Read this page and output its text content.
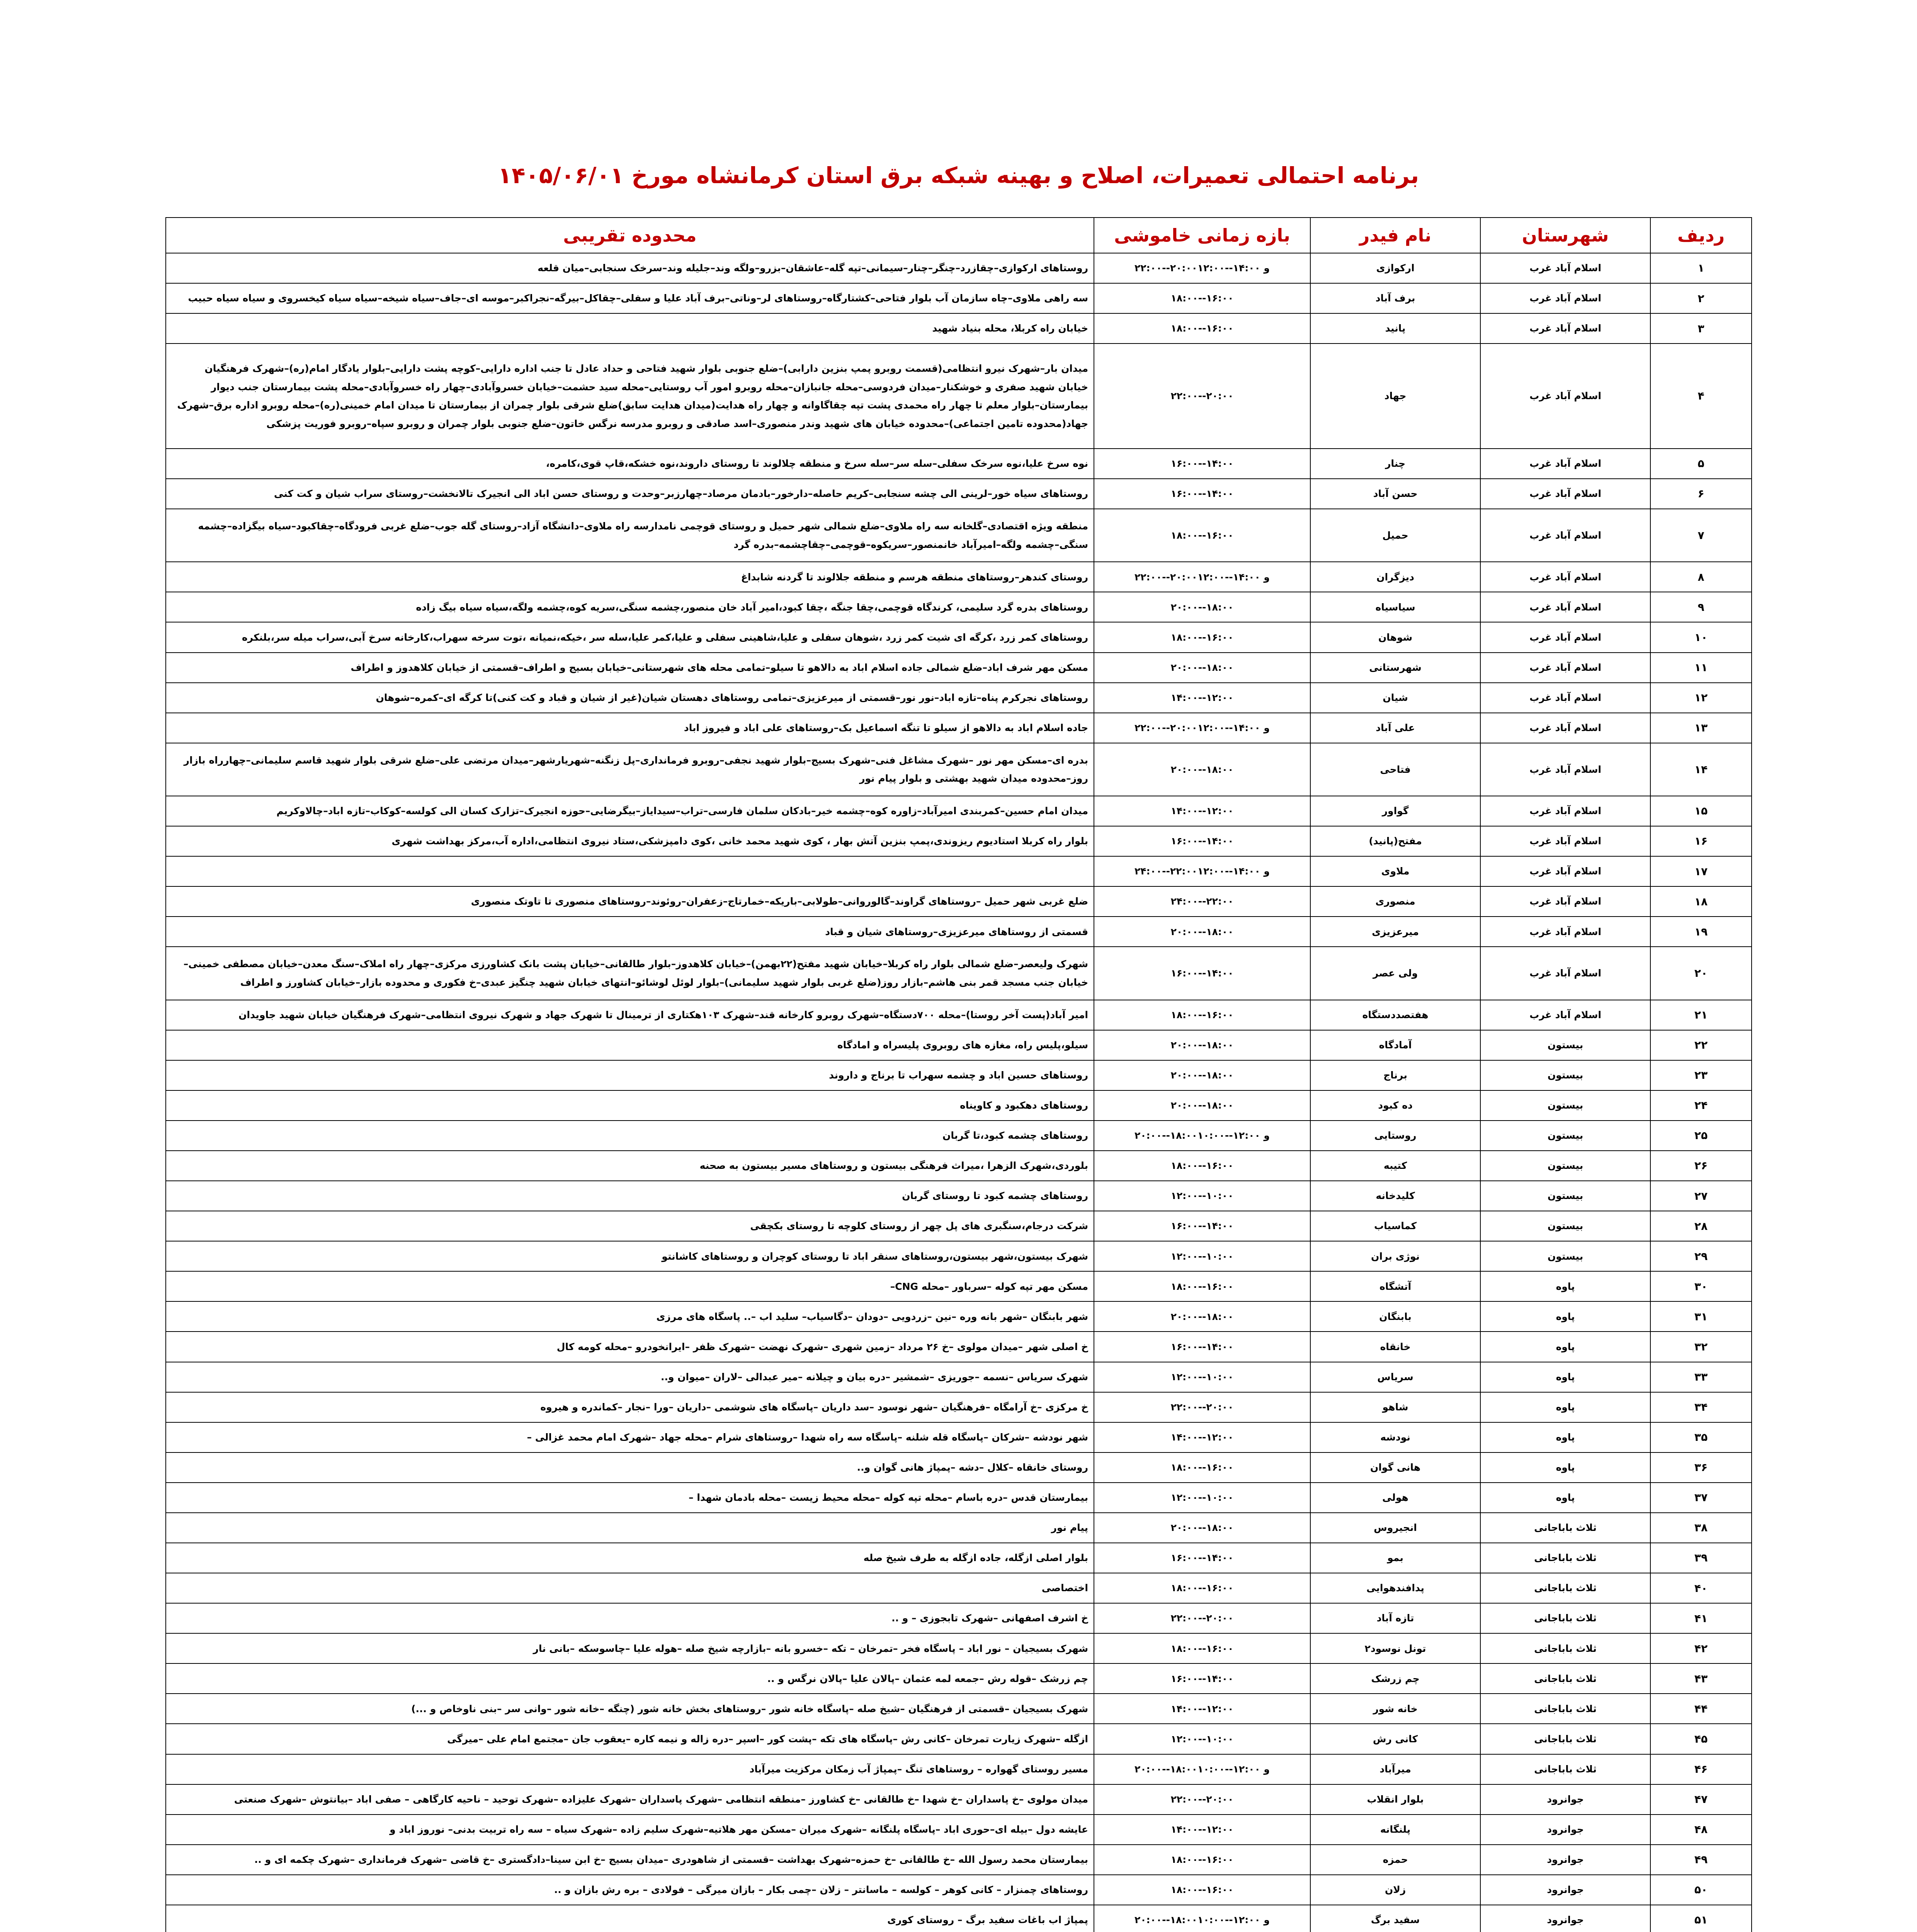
برنامه احتمالی تعمیرات، اصلاح و بهینه شبکه برق استان کرمانشاه مورخ ۱۴۰۵/۰۶/۰۱
ردیف	شهرستان	نام فیدر	بازه زمانی خاموشی	محدوده تقریبی
۱	اسلام آباد غرب	ارکوازی	۲۲:۰۰--۲۰:۰۰و ۱۴:۰۰--۱۲:۰۰	روستاهای ارکوازی–چقازرد–چنگر–چنار–سیمانی–تپه گله–عاشقان–بزرو–ولگه وند–جلیله وند–سرخک سنجابی–میان قلعه
۲	اسلام آباد غرب	برف آباد	۱۸:۰۰--۱۶:۰۰	سه راهی ملاوی–چاه سازمان آب بلوار فتاحی–کشتارگاه–روستاهای لر–وناتی–برف آباد علیا و سفلی–چقاکل–بیرگه–نجراکبر–موسه ای–جاف–سیاه شیخه–سیاه سیاه کیخسروی و سیاه سیاه حبیب
۳	اسلام آباد غرب	پانید	۱۸:۰۰--۱۶:۰۰	خیابان راه کربلا، محله بنیاد شهید
۴	اسلام آباد غرب	جهاد	۲۲:۰۰--۲۰:۰۰	میدان بار–شهرک نیرو انتظامی(قسمت روبرو پمپ بنزین دارابی)–ضلع جنوبی بلوار شهید فتاحی و حداد عادل تا جنب اداره دارایی–کوچه پشت دارایی–بلوار یادگار امام(ره)–شهرک فرهنگیان خیابان شهید صفری و خوشکنار–میدان فردوسی–محله جانبازان–محله روبرو امور آب روستایی–محله سید حشمت–خیابان خسروآبادی–چهار راه خسروآبادی–محله پشت بیمارستان جنب دیوار بیمارستان–بلوار معلم تا چهار راه محمدی پشت تپه چقاگاوانه و چهار راه هدایت(میدان هدایت سابق)ضلع شرقی بلوار چمران از بیمارستان تا میدان امام خمینی(ره)–محله روبرو اداره برق–شهرک جهاد(محدوده تامین اجتماعی)–محدوده خیابان های شهید وندر منصوری–اسد صادقی و روبرو مدرسه نرگس خاتون–ضلع جنوبی بلوار چمران و روبرو سپاه–روبرو فوریت پزشکی
۵	اسلام آباد غرب	چنار	۱۶:۰۰--۱۴:۰۰	نوه سرخ علیا،نوه سرخک سفلی–سله سر–سله سرخ و منطقه چلالوند تا روستای داروند،نوه خشکه،قاپ قوی،کامره،
۶	اسلام آباد غرب	حسن آباد	۱۶:۰۰--۱۴:۰۰	روستاهای سیاه خور–لرینی الی چشه سنجابی–کریم حاصله–دارخور–بادمان مرصاد–چهارزبر–وحدت و روستای حسن اباد الی انجیرک تالانخشت–روستای سراب شیان و کت کنی
۷	اسلام آباد غرب	حمیل	۱۸:۰۰--۱۶:۰۰	منطقه ویژه اقتصادی–گلخانه سه راه ملاوی–ضلع شمالی شهر حمیل و روستای قوچمی نامدارسه راه ملاوی–دانشگاه آزاد–روستای گله جوب–ضلع غربی فرودگاه–چقاکبود–سیاه بیگزاده–چشمه سنگی–چشمه ولگه–امیرآباد خانمنصور–سریکوه–قوچمی–چقاچشمه–بدره گرد
۸	اسلام آباد غرب	دیزگران	۲۲:۰۰--۲۰:۰۰و ۱۴:۰۰--۱۲:۰۰	روستای کندهر–روستاهای منطقه هرسم و منطقه جلالوند تا گردنه شابداغ
۹	اسلام آباد غرب	سیاسیاه	۲۰:۰۰--۱۸:۰۰	روستاهای بدره گرد سلیمی، کرندگاه قوچمی،چقا جنگه ،چقا کبود،امیر آباد خان منصور،چشمه سنگی،سریه کوه،چشمه ولگه،سیاه سیاه بیگ زاده
۱۰	اسلام آباد غرب	شوهان	۱۸:۰۰--۱۶:۰۰	روستاهای کمر زرد ،کرگه ای شیت کمر زرد ،شوهان سفلی و علیا،شاهینی سفلی و علیا،کمر علیا،سله سر ،خیکه،نمیانه ،توت سرخه سهراب،کارخانه سرخ آبی،سراب میله سر،بلنکره
۱۱	اسلام آباد غرب	شهرستانی	۲۰:۰۰--۱۸:۰۰	مسکن مهر شرف اباد–ضلع شمالی جاده اسلام اباد به دالاهو تا سیلو–تمامی محله های شهرستانی–خیابان بسیج و اطراف–قسمتی از خیابان کلاهدوز و اطراف
۱۲	اسلام آباد غرب	شیان	۱۴:۰۰--۱۲:۰۰	روستاهای نجرکرم پناه–تازه اباد–نور نور–قسمتی از میرعزیزی–تمامی روستاهای دهستان شیان(غیر از شیان و قباد و کت کنی)تا کرگه ای–کمره–شوهان
۱۳	اسلام آباد غرب	علی آباد	۲۲:۰۰--۲۰:۰۰و ۱۴:۰۰--۱۲:۰۰	جاده اسلام اباد به دالاهو از سیلو تا تنگه اسماعیل بک–روستاهای علی اباد و فیروز اباد
۱۴	اسلام آباد غرب	فتاحی	۲۰:۰۰--۱۸:۰۰	بدره ای–مسکن مهر نور –شهرک مشاغل فنی–شهرک بسیج–بلوار شهید نجفی–روبرو فرمانداری–پل زنگنه–شهریارشهر–میدان مرتضی علی–ضلع شرقی بلوار شهید قاسم سلیمانی–چهارراه بازار روز–محدوده میدان شهید بهشتی و بلوار پیام نور
۱۵	اسلام آباد غرب	گواور	۱۴:۰۰--۱۲:۰۰	میدان امام حسین–کمربندی امیرآباد–زاوره کوه–چشمه خیر–بادکان سلمان فارسی–تراب–سیدایاز–بیگرضایی–حوزه انجیرک–تزارک کسان الی کولسه–کوکاب–تازه اباد–چالاوکریم
۱۶	اسلام آباد غرب	مفتح(پانید)	۱۶:۰۰--۱۴:۰۰	بلوار راه کربلا استادیوم ریزوندی،پمپ بنزین آتش بهار ، کوی شهید محمد خانی ،کوی دامپزشکی،ستاد نیروی انتظامی،اداره آب،مرکز بهداشت شهری
۱۷	اسلام آباد غرب	ملاوی	۲۴:۰۰--۲۲:۰۰و ۱۴:۰۰--۱۲:۰۰	
۱۸	اسلام آباد غرب	منصوری	۲۴:۰۰--۲۲:۰۰	ضلع غربی شهر حمیل –روستاهای گراوند–گالوروانی–طولابی–باریکه–خمارتاج–زعفران–روئوند–روستاهای منصوری تا تاوتک منصوری
۱۹	اسلام آباد غرب	میرعزیزی	۲۰:۰۰--۱۸:۰۰	قسمتی از روستاهای میرعزیزی–روستاهای شیان و قباد
۲۰	اسلام آباد غرب	ولی عصر	۱۶:۰۰--۱۴:۰۰	شهرک ولیعصر–ضلع شمالی بلوار راه کربلا–خیابان شهید مفتح(۲۲بهمن)–خیابان کلاهدوز–بلوار طالقانی–خیابان پشت بانک کشاورزی مرکزی–چهار راه املاک–سنگ معدن–خیابان مصطفی خمینی–خیابان جنب مسجد قمر بنی هاشم–بازار روز(ضلع غربی بلوار شهید سلیمانی)–بلوار لوئل لوشائو–انتهای خیابان شهید چنگیز عبدی–خ فکوری و محدوده بازار–خیابان کشاورز و اطراف
۲۱	اسلام آباد غرب	هفتصددستگاه	۱۸:۰۰--۱۶:۰۰	امیر آباد(پست آخر روستا)–محله ۷۰۰دستگاه–شهرک روبرو کارخانه قند–شهرک ۱۰۳هکتاری از ترمینال تا شهرک جهاد و شهرک نیروی انتظامی–شهرک فرهنگیان خیابان شهید جاویدان
۲۲	بیستون	آمادگاه	۲۰:۰۰--۱۸:۰۰	سیلو،پلیس راه، مغازه های روبروی پلیسراه و امادگاه
۲۳	بیستون	برناج	۲۰:۰۰--۱۸:۰۰	روستاهای حسین اباد و چشمه سهراب تا برناج و داروند
۲۴	بیستون	ده کبود	۲۰:۰۰--۱۸:۰۰	روستاهای دهکبود و کاویناه
۲۵	بیستون	روستایی	۲۰:۰۰--۱۸:۰۰و ۱۲:۰۰--۱۰:۰۰	روستاهای چشمه کبود،تا گربان
۲۶	بیستون	کتیبه	۱۸:۰۰--۱۶:۰۰	بلوردی،شهرک الزهرا ،میراث فرهنگی بیستون و روستاهای مسیر بیستون به صحنه
۲۷	بیستون	کلیدخانه	۱۲:۰۰--۱۰:۰۰	روستاهای چشمه کبود تا روستای گربان
۲۸	بیستون	کماسیاب	۱۶:۰۰--۱۴:۰۰	شرکت درجام،سنگبری های پل چهر از روستای کلوچه تا روستای بکچقی
۲۹	بیستون	نوژی بران	۱۲:۰۰--۱۰:۰۰	شهرک بیستون،شهر بیستون،روستاهای سنقر اباد تا روستای کوچران و روستاهای کاشانتو
۳۰	پاوه	آتشگاه	۱۸:۰۰--۱۶:۰۰	مسکن مهر تپه کوله –سرباور –محله CNG–
۳۱	پاوه	بابنگان	۲۰:۰۰--۱۸:۰۰	شهر بابنگان –شهر بانه وره –نین –زردویی –دودان –دگاسیاب– سلید اب –.. پاسگاه های مرزی
۳۲	پاوه	خانقاه	۱۶:۰۰--۱۴:۰۰	خ اصلی شهر –میدان مولوی –خ ۲۶ مرداد –زمین شهری –شهرک نهضت –شهرک ظفر –ایرانخودرو –محله کومه کال
۳۳	پاوه	سریاس	۱۲:۰۰--۱۰:۰۰	شهرک سریاس –نسمه –جوریزی –شمشیر –دره بیان و چیلانه –میر عبدالی –لاران –میوان و..
۳۴	پاوه	شاهو	۲۲:۰۰--۲۰:۰۰	خ مرکزی –خ آرامگاه –فرهنگیان –شهر نوسود –سد داریان –پاسگاه های شوشمی –داریان –ورا –نجار –کماندره و هیروه
۳۵	پاوه	نودشه	۱۴:۰۰--۱۲:۰۰	شهر نودشه –شرکان –پاسگاه قله شلنه –پاسگاه سه راه شهدا –روستاهای شرام –محله جهاد –شهرک امام محمد غزالی –
۳۶	پاوه	هانی گوان	۱۸:۰۰--۱۶:۰۰	روستای خانقاه –کلال –دشه –پمپاژ هانی گوان و..
۳۷	پاوه	هولی	۱۲:۰۰--۱۰:۰۰	بیمارستان قدس –دره باسام –محله تپه کوله –محله محیط زیست –محله بادمان شهدا –
۳۸	ثلاث باباجانی	انجیروس	۲۰:۰۰--۱۸:۰۰	پیام نور
۳۹	ثلاث باباجانی	بمو	۱۶:۰۰--۱۴:۰۰	بلوار اصلی ازگله، جاده ازگله به طرف شیخ صله
۴۰	ثلاث باباجانی	پدافندهوایی	۱۸:۰۰--۱۶:۰۰	اختصاصی
۴۱	ثلاث باباجانی	تازه آباد	۲۲:۰۰--۲۰:۰۰	خ اشرف اصفهانی –شهرک تابجوزی – و ..
۴۲	ثلاث باباجانی	تونل نوسود۲	۱۸:۰۰--۱۶:۰۰	شهرک بسیجیان – نور اباد – پاسگاه فخر –تمرخان – تکه –خسرو بانه –بازارچه شیخ صله –هوله علیا –چاسوسکه –بانی نار
۴۳	ثلاث باباجانی	چم زرشک	۱۶:۰۰--۱۴:۰۰	چم زرشک –قوله رش –جمعه لمه عثمان –پالان علیا –پالان نرگس و ..
۴۴	ثلاث باباجانی	خانه شور	۱۴:۰۰--۱۲:۰۰	شهرک بسیجیان –قسمتی از فرهنگیان –شیخ صله –پاسگاه خانه شور –روستاهای بخش خانه شور (چنگه –خانه شور –وانی سر –بنی ناوخاص و ...)
۴۵	ثلاث باباجانی	کانی رش	۱۲:۰۰--۱۰:۰۰	ازگله –شهرک زیارت تمرخان –کانی رش –پاسگاه های تکه –پشت کور –اسپر –دره زاله و نیمه کاره –یعقوب جان –مجتمع امام علی –میرگی
۴۶	ثلاث باباجانی	میرآباد	۲۰:۰۰--۱۸:۰۰و ۱۲:۰۰--۱۰:۰۰	مسیر روستای گهواره – روستاهای تنگ –پمپاژ آب زمکان مرکزیت میرآباد
۴۷	جوانرود	بلوار انقلاب	۲۲:۰۰--۲۰:۰۰	میدان مولوی –خ پاسداران –خ شهدا –خ طالقانی –خ کشاورز –منطقه انتظامی –شهرک پاسداران –شهرک علیزاده –شهرک توحید – ناحیه کارگاهی – صفی اباد –بیانتوش –شهرک صنعتی
۴۸	جوانرود	پلنگانه	۱۴:۰۰--۱۲:۰۰	عایشه دول –بیله ای–حوری اباد –پاسگاه پلنگانه –شهرک میران –مسکن مهر هلاتیه–شهرک سلیم زاده –شهرک سیاه – سه راه تربیت بدنی– نوروز اباد و
۴۹	جوانرود	حمزه	۱۸:۰۰--۱۶:۰۰	بیمارستان محمد رسول الله –خ طالقانی –خ حمزه–شهرک بهداشت –قسمتی از شاهودری –میدان بسیج –خ ابن سینا–دادگستری –خ قاضی –شهرک فرمانداری –شهرک چکمه ای و ..
۵۰	جوانرود	زلان	۱۸:۰۰--۱۶:۰۰	روستاهای چمنزار – کانی کوهر – کولسه – ماسانتر – زلان –چمی بکار – بازان میرگی – فولادی – بره رش بازان و ..
۵۱	جوانرود	سفید برگ	۲۰:۰۰--۱۸:۰۰و ۱۲:۰۰--۱۰:۰۰	پمپاژ اب باغات سفید برگ – روستای کوری
